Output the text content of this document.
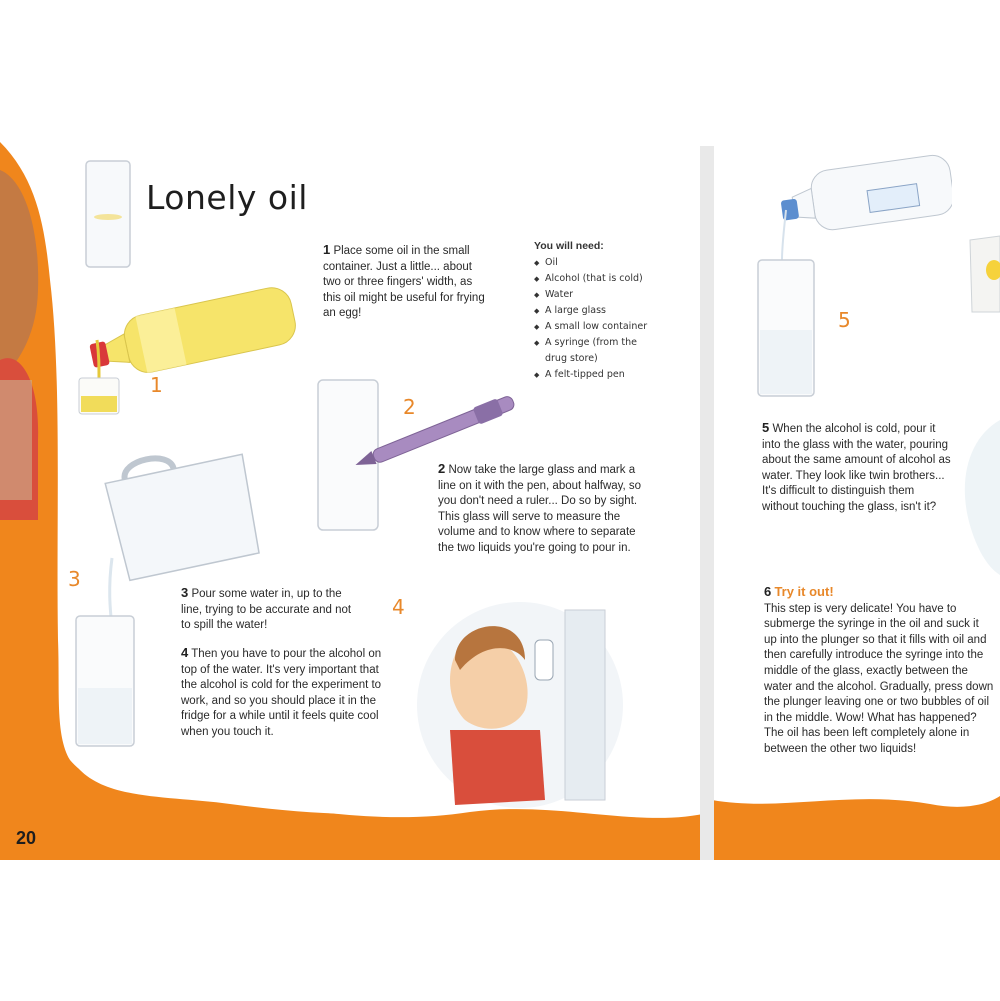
Lonely oil
1
2
3
4
5
1 Place some oil in the small container. Just a little... about two or three fingers' width, as this oil might be useful for frying an egg!
You will need:
◆ Oil
◆ Alcohol (that is cold)
◆ Water
◆ A large glass
◆ A small low container
◆ A syringe (from the drug store)
◆ A felt-tipped pen
2 Now take the large glass and mark a line on it with the pen, about halfway, so you don't need a ruler... Do so by sight. This glass will serve to measure the volume and to know where to separate the two liquids you're going to pour in.
3 Pour some water in, up to the line, trying to be accurate and not to spill the water!
4 Then you have to pour the alcohol on top of the water. It's very important that the alcohol is cold for the experiment to work, and so you should place it in the fridge for a while until it feels quite cool when you touch it.
5 When the alcohol is cold, pour it into the glass with the water, pouring about the same amount of alcohol as water. They look like twin brothers... It's difficult to distinguish them without touching the glass, isn't it?
6 Try it out!
This step is very delicate! You have to submerge the syringe in the oil and suck it up into the plunger so that it fills with oil and then carefully introduce the syringe into the middle of the glass, exactly between the water and the alcohol. Gradually, press down the plunger leaving one or two bubbles of oil in the middle. Wow! What has happened? The oil has been left completely alone in between the other two liquids!
20
